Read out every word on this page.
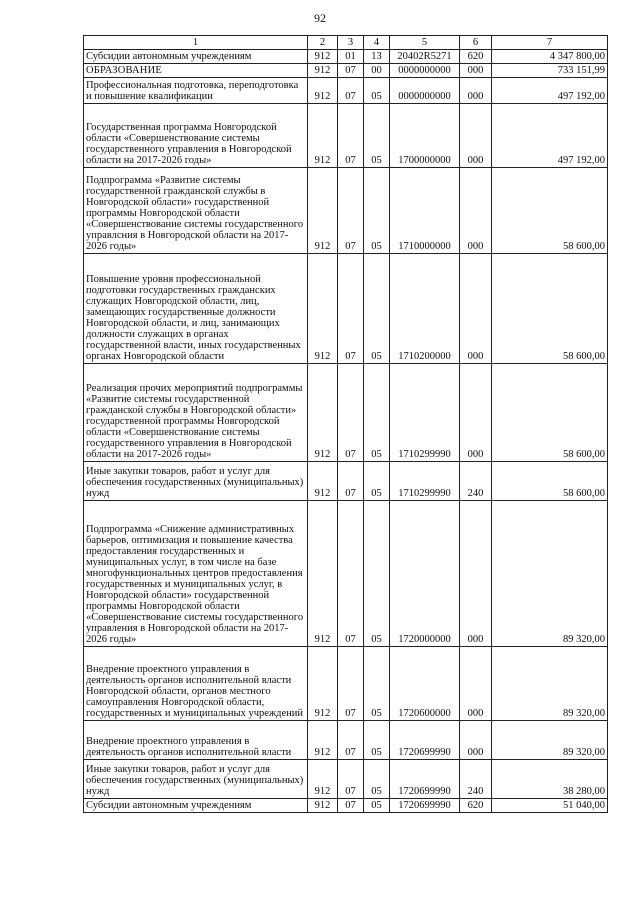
92
1	2	3	4	5	6	7
Субсидии автономным учреждениям	912	01	13	20402R5271	620	4 347 800,00
ОБРАЗОВАНИЕ	912	07	00	0000000000	000	733 151,99
Профессиональная подготовка, переподготовка и повышение квалификации	912	07	05	0000000000	000	497 192,00
Государственная программа Новгородской области «Совершенствование системы государственного управления в Новгородской области на 2017-2026 годы»	912	07	05	1700000000	000	497 192,00
Подпрограмма «Развитие системы государственной гражданской службы в Новгородской области» государственной программы Новгородской области «Совершенствование системы государственного управлсния в Новгородской области на 2017-2026 годы»	912	07	05	1710000000	000	58 600,00
Повышение уровня профессиональной подготовки государственных гражданских служащих Новгородской области, лиц, замещающих государственные должности Новгородской области, и лиц, занимающих должности служащих в органах государственной власти, иных государственных органах Новгородской области	912	07	05	1710200000	000	58 600,00
Реализация прочих мероприятий подпрограммы «Развитие системы государственной гражданской службы в Новгородской области» государственной программы Новгородской области «Совершенствование системы государственного управления в Новгородской области на 2017-2026 годы»	912	07	05	1710299990	000	58 600,00
Иные закупки товаров, работ и услуг для обеспечения государственных (муниципальных) нужд	912	07	05	1710299990	240	58 600,00
Подпрограмма «Снижение административных барьеров, оптимизация и повышение качества предоставления государственных и муниципальных услуг, в том числе на базе многофункциональных центров предоставления государственных и муниципальных услуг, в Новгородской области» государственной программы Новгородской области «Совершенствование системы государственного управления в Новгородской области на 2017-2026 годы»	912	07	05	1720000000	000	89 320,00
Внедрение проектного управления в деятельность органов исполнительной власти Новгородской области, органов местного самоуправления Новгородской области, государственных и муниципальных учреждений	912	07	05	1720600000	000	89 320,00
Внедрение проектного управления в деятельность органов исполнительной власти	912	07	05	1720699990	000	89 320,00
Иные закупки товаров, работ и услуг для обеспечения государственных (муниципальных) нужд	912	07	05	1720699990	240	38 280,00
Субсидии автономным учреждениям	912	07	05	1720699990	620	51 040,00
